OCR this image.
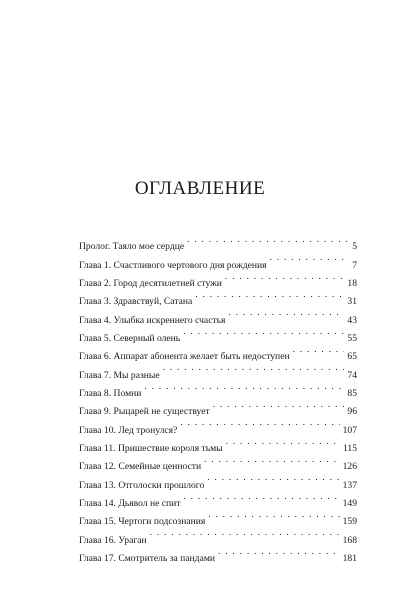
ОГЛАВЛЕНИЕ
Пролог. Таяло мое сердце . . .	5
Глава 1. Счастливого чертового дня рождения . . .	7
Глава 2. Город десятилетней стужи . . .	18
Глава 3. Здравствуй, Сатана . . .	31
Глава 4. Улыбка искреннего счастья . . .	43
Глава 5. Северный олень . . .	55
Глава 6. Аппарат абонента желает быть недоступен . . .	65
Глава 7. Мы разные . . .	74
Глава 8. Помни . . .	85
Глава 9. Рыцарей не существует . . .	96
Глава 10. Лед тронулся? . . .	107
Глава 11. Пришествие короля тьмы . . .	115
Глава 12. Семейные ценности . . .	126
Глава 13. Отголоски прошлого . . .	137
Глава 14. Дьявол не спит . . .	149
Глава 15. Чертоги подсознания . . .	159
Глава 16. Ураган . . .	168
Глава 17. Смотритель за пандами . . .	181
